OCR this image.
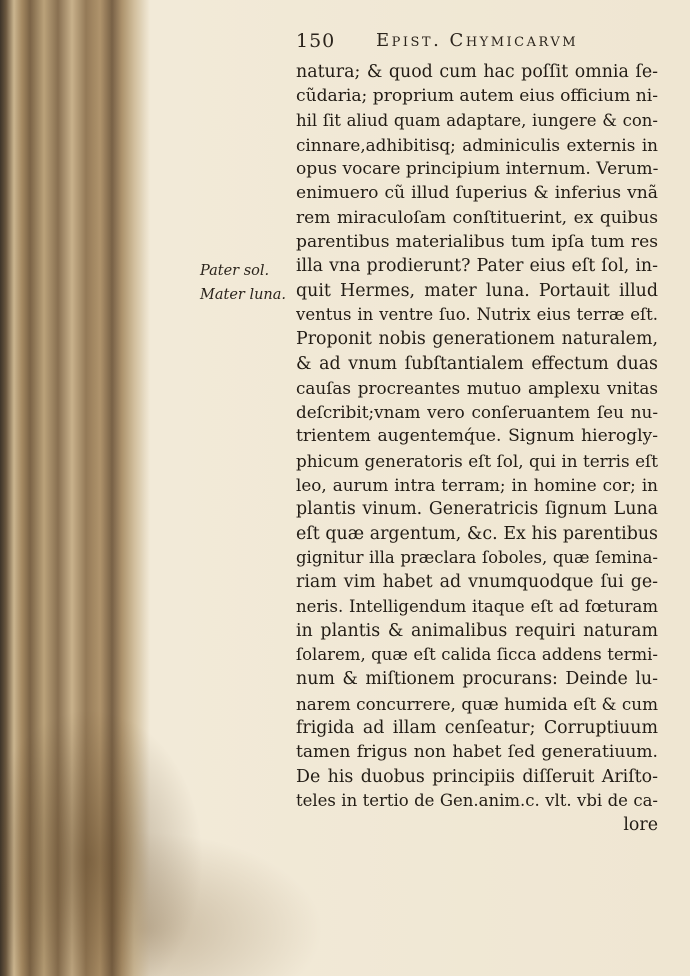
150 Epist. Chymicarvm
Pater sol.
Mater luna.
natura; & quod cum hac poſſit omnia ſe-
cũdaria; proprium autem eius officium ni-
hil ſit aliud quam adaptare, iungere & con-
cinnare,adhibitisq; adminiculis externis in
opus vocare principium internum. Verum-
enimuero cũ illud ſuperius & inferius vnã
rem miraculoſam conſtituerint, ex quibus
parentibus materialibus tum ipſa tum res
illa vna prodierunt? Pater eius eſt ſol, in-
quit Hermes, mater luna. Portauit illud
ventus in ventre ſuo. Nutrix eius terræ eſt.
Proponit nobis generationem naturalem,
& ad vnum ſubſtantialem effectum duas
cauſas procreantes mutuo amplexu vnitas
deſcribit;vnam vero conſeruantem ſeu nu-
trientem augentemq́ue. Signum hierogly-
phicum generatoris eſt ſol, qui in terris eſt
leo, aurum intra terram; in homine cor; in
plantis vinum. Generatricis ſignum Luna
eſt quæ argentum, &c. Ex his parentibus
gignitur illa præclara ſoboles, quæ ſemina-
riam vim habet ad vnumquodque ſui ge-
neris. Intelligendum itaque eſt ad fœturam
in plantis & animalibus requiri naturam
ſolarem, quæ eſt calida ſicca addens termi-
num & miſtionem procurans: Deinde lu-
narem concurrere, quæ humida eſt & cum
frigida ad illam cenſeatur; Corruptiuum
tamen frigus non habet ſed generatiuum.
De his duobus principiis diſſeruit Ariſto-
teles in tertio de Gen.anim.c. vlt. vbi de ca-
lore
